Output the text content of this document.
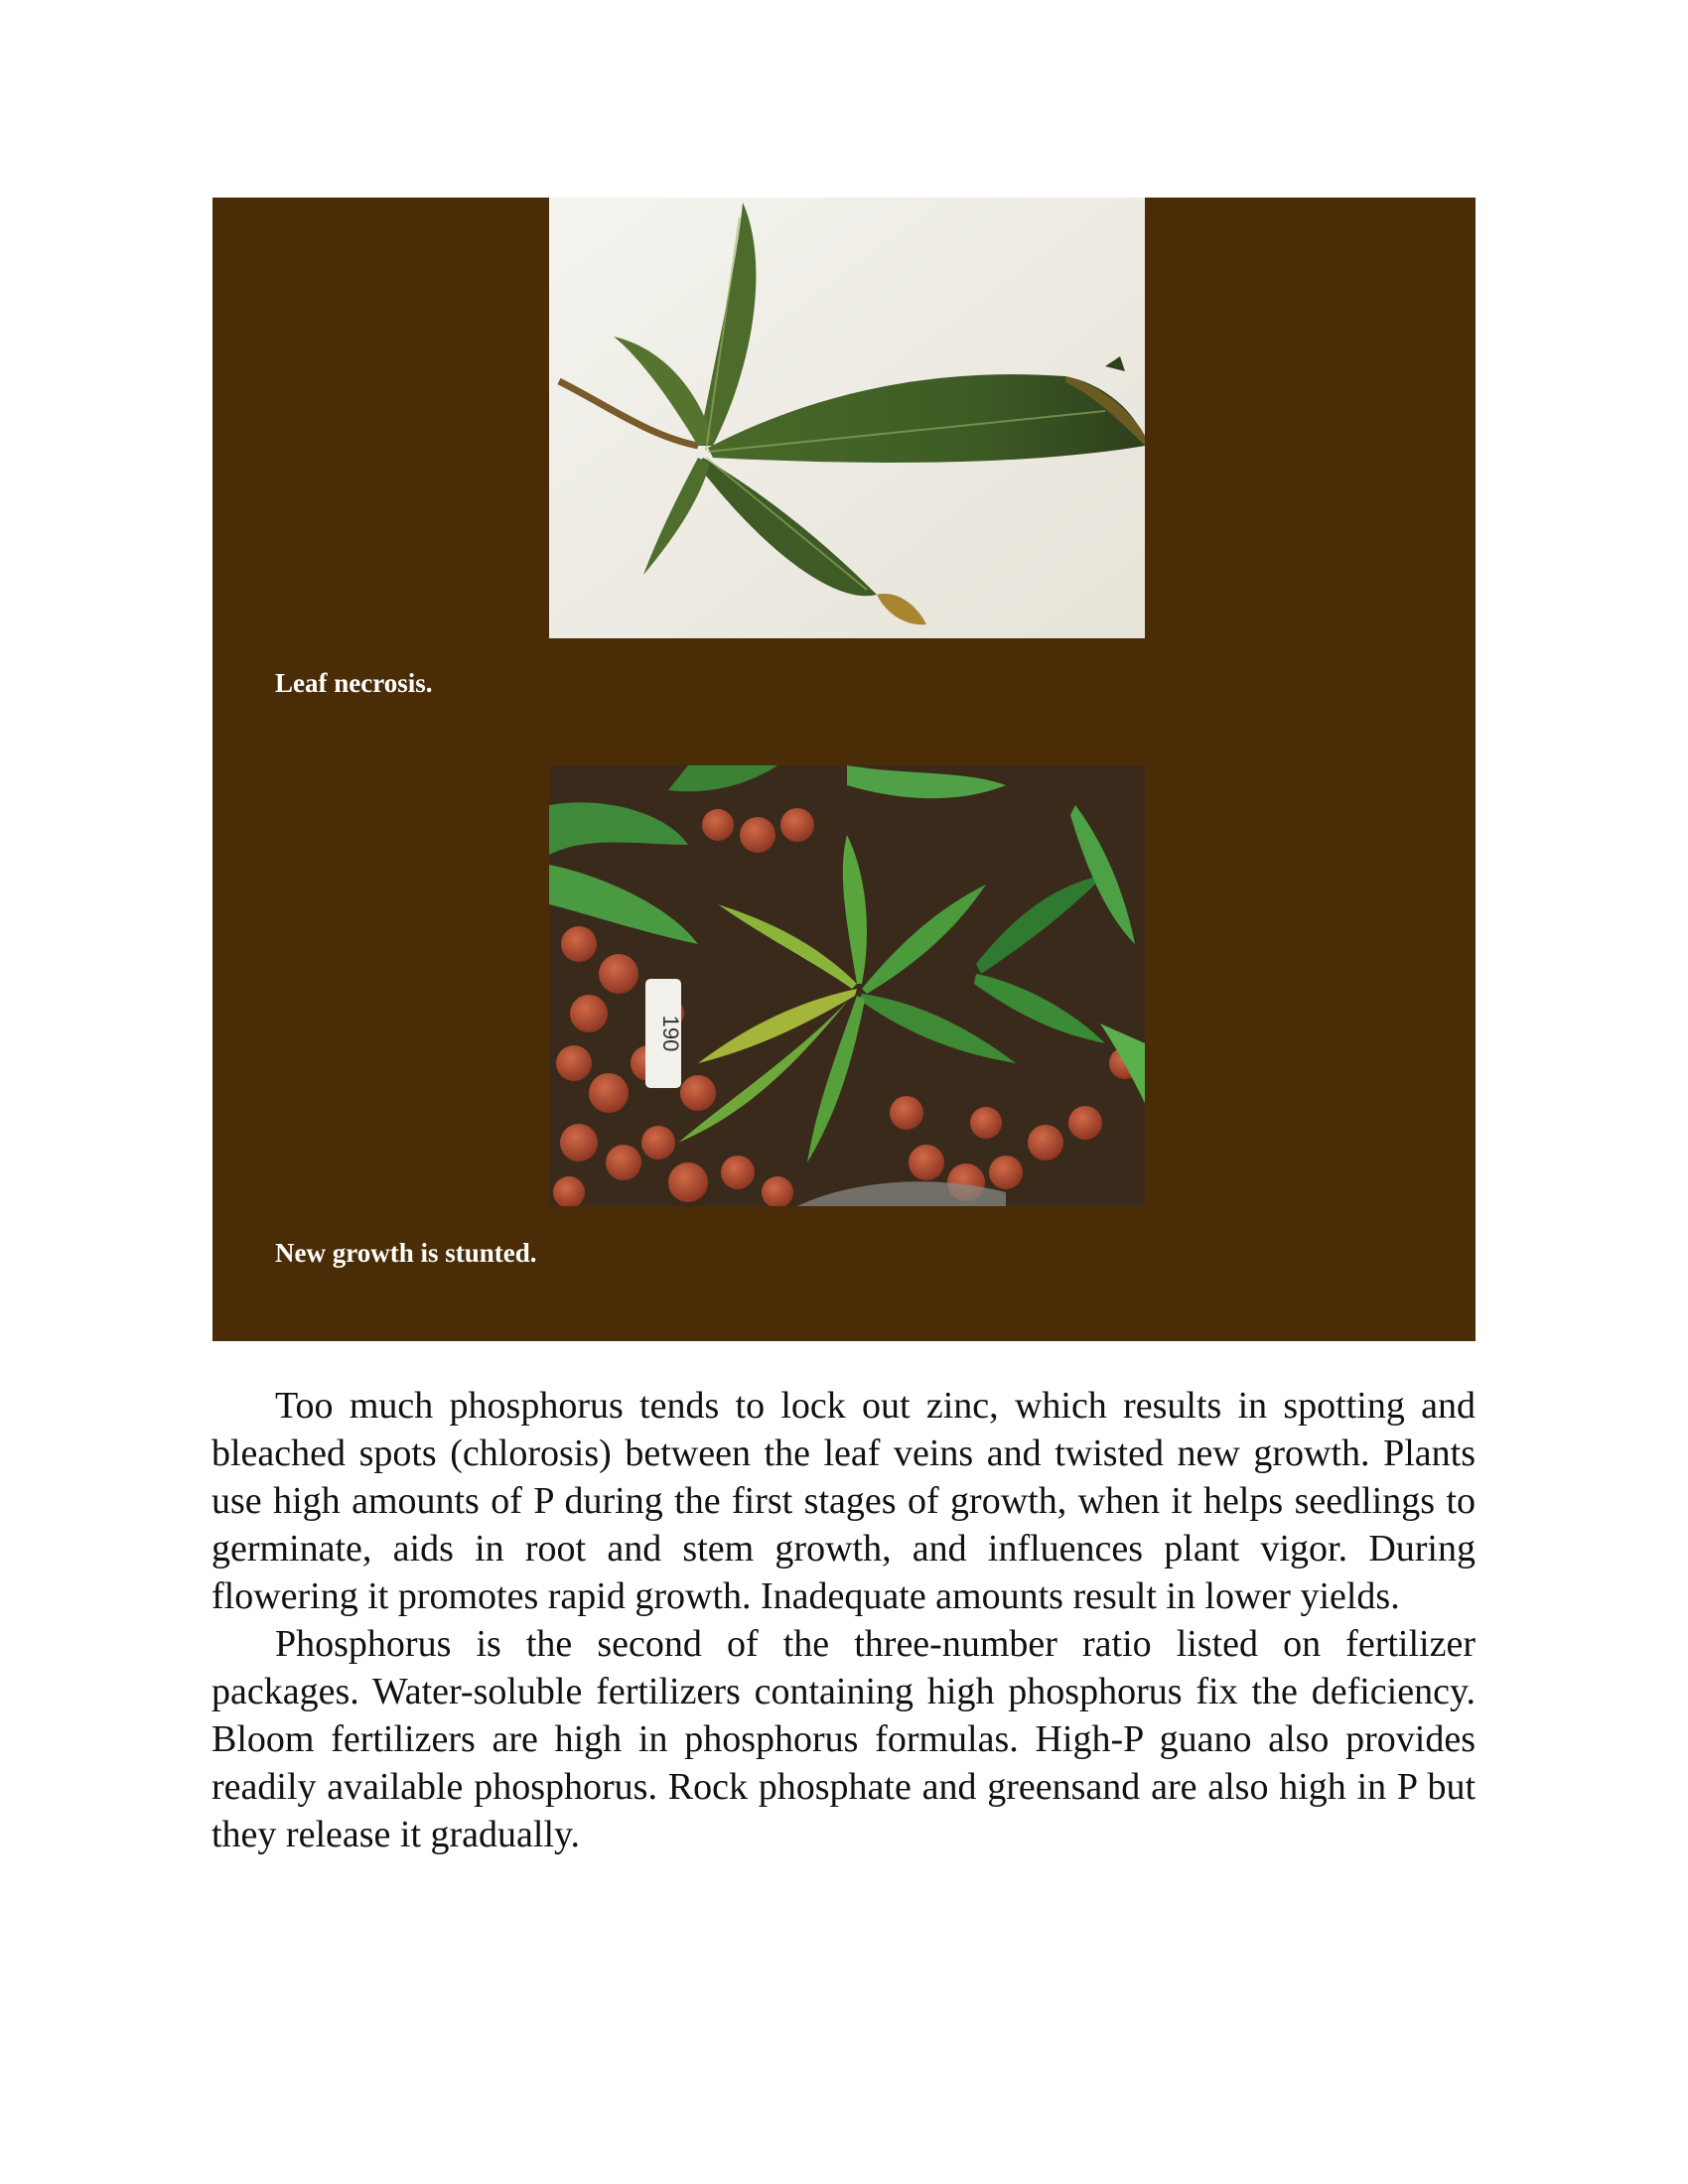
Leaf necrosis.
190
New growth is stunted.

Too much phosphorus tends to lock out zinc, which results in spotting and bleached spots (chlorosis) between the leaf veins and twisted new growth. Plants use high amounts of P during the first stages of growth, when it helps seedlings to germinate, aids in root and stem growth, and influences plant vigor. During flowering it promotes rapid growth. Inadequate amounts result in lower yields.

Phosphorus is the second of the three-number ratio listed on fertilizer packages. Water-soluble fertilizers containing high phosphorus fix the deficiency. Bloom fertilizers are high in phosphorus formulas. High-P guano also provides readily available phosphorus. Rock phosphate and greensand are also high in P but they release it gradually.
